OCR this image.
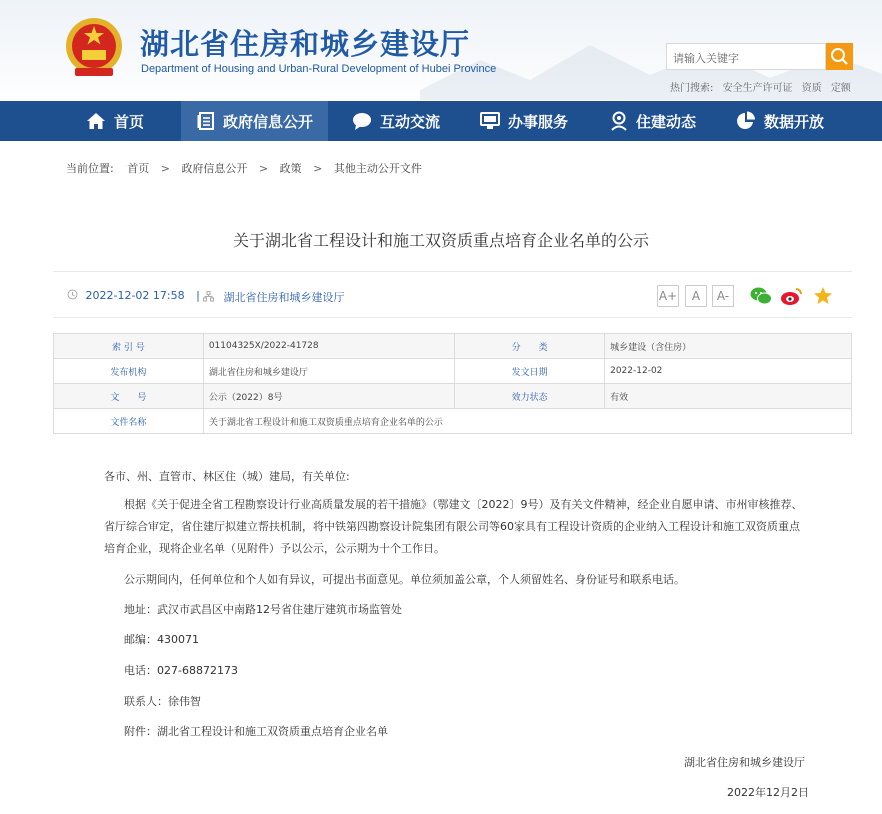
湖北省住房和城乡建设厅
Department of Housing and Urban-Rural Development of Hubei Province
请输入关键字
热门搜索: 安全生产许可证 资质 定额
首页	政府信息公开	互动交流	办事服务	住建动态	数据开放
当前位置: 首页 > 政府信息公开 > 政策 > 其他主动公开文件
关于湖北省工程设计和施工双资质重点培育企业名单的公示
2022-12-02 17:58 |	湖北省住房和城乡建设厅	A+	A	A-
索 引 号	01104325X/2022-41728	分　　类	城乡建设（含住房）
发布机构	湖北省住房和城乡建设厅	发文日期	2022-12-02
文　　号	公示（2022）8号	效力状态	有效
文件名称	关于湖北省工程设计和施工双资质重点培育企业名单的公示		

各市、州、直管市、林区住（城）建局，有关单位:

根据《关于促进全省工程勘察设计行业高质量发展的若干措施》（鄂建文〔2022〕9号）及有关文件精神，经企业自愿申请、市州审核推荐、省厅综合审定，省住建厅拟建立帮扶机制，将中铁第四勘察设计院集团有限公司等60家具有工程设计资质的企业纳入工程设计和施工双资质重点培育企业，现将企业名单（见附件）予以公示，公示期为十个工作日。

公示期间内，任何单位和个人如有异议，可提出书面意见。单位须加盖公章，个人须留姓名、身份证号和联系电话。

地址：武汉市武昌区中南路12号省住建厅建筑市场监管处

邮编：430071

电话：027-68872173

联系人：徐伟智

附件：湖北省工程设计和施工双资质重点培育企业名单

湖北省住房和城乡建设厅
2022年12月2日
